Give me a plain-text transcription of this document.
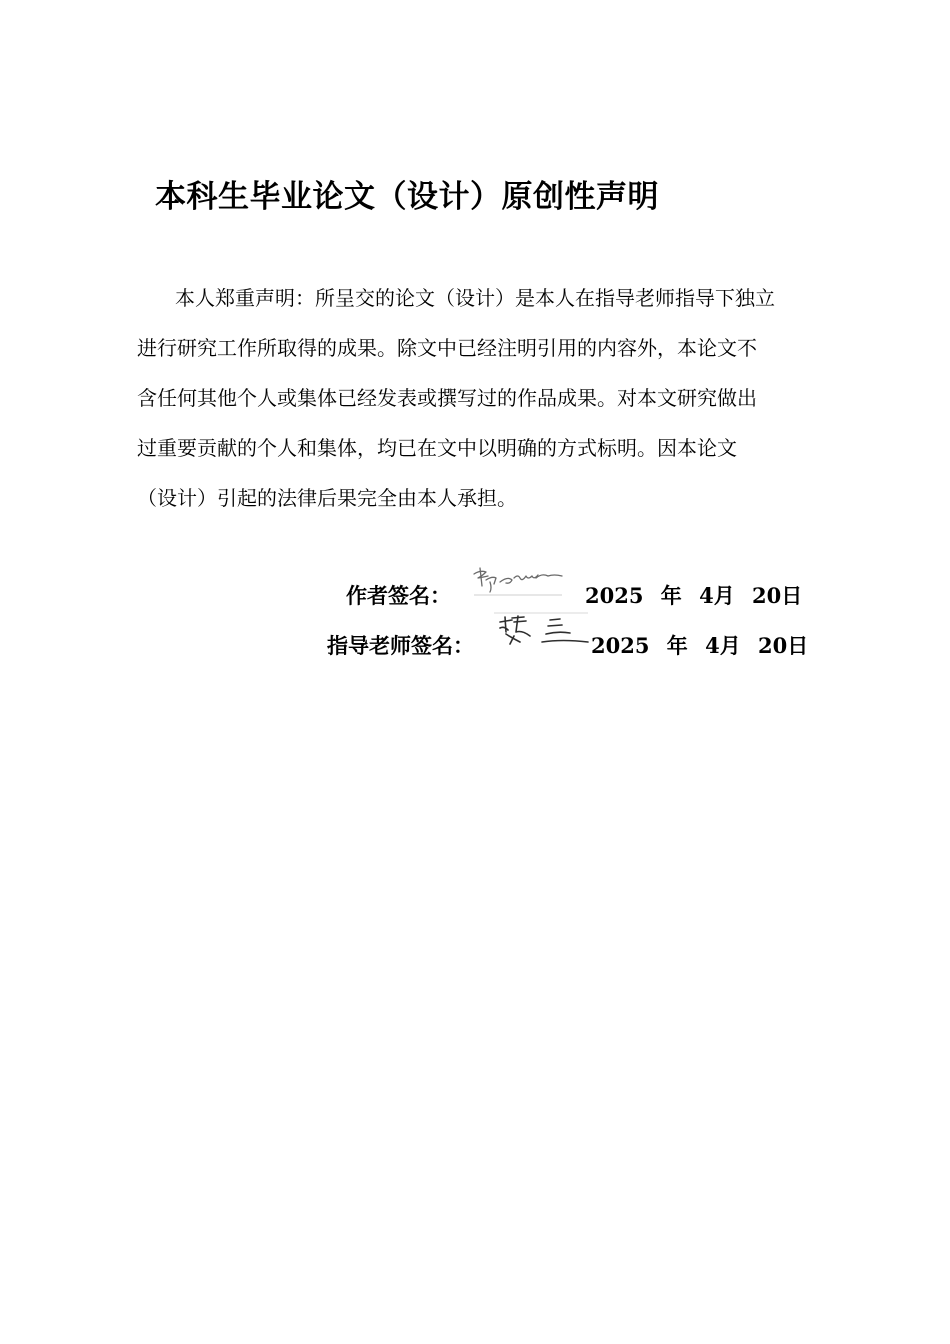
本科生毕业论文（设计）原创性声明
本人郑重声明：所呈交的论文（设计）是本人在指导老师指导下独立
进行研究工作所取得的成果。除文中已经注明引用的内容外，本论文不
含任何其他个人或集体已经发表或撰写过的作品成果。对本文研究做出
过重要贡献的个人和集体，均已在文中以明确的方式标明。因本论文
（设计）引起的法律后果完全由本人承担。
作者签名：	2025 年 4月 20日
指导老师签名：	2025 年 4月 20日
